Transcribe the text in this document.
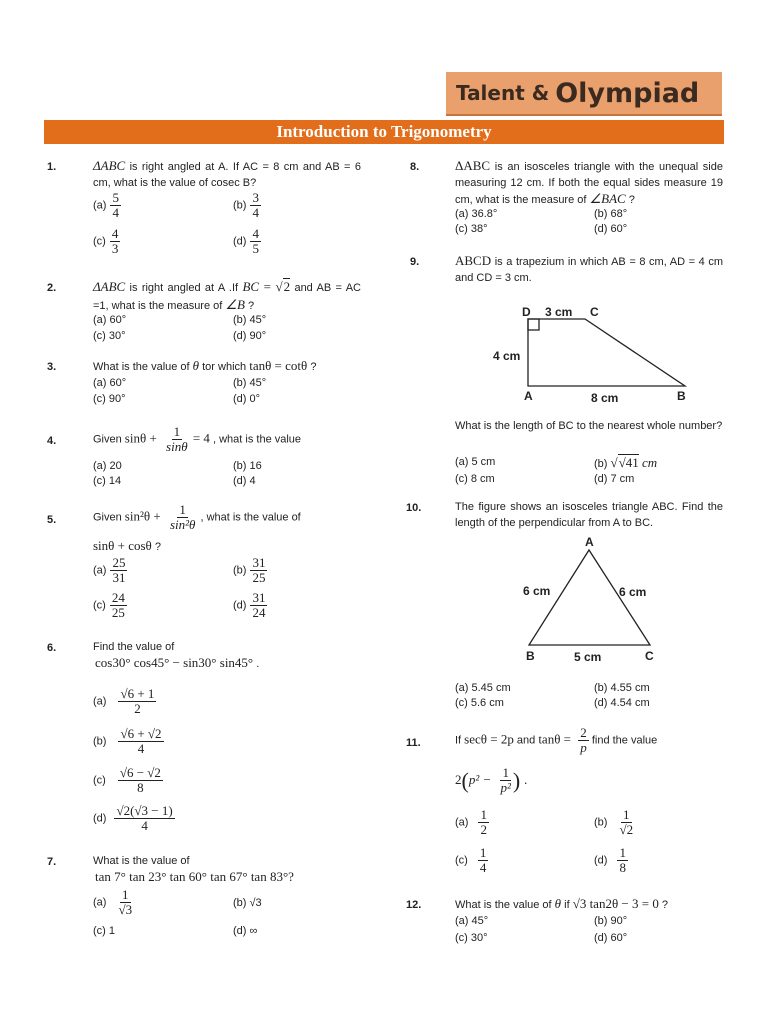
Talent & Olympiad
Introduction to Trigonometry
1.	ΔABC is right angled at A. If AC = 8 cm and AB = 6 cm, what is the value of cosec B?
$(a) \frac{5}{4}$	$(b) \frac{3}{4}$
$(c) \frac{4}{3}$	$(d) \frac{4}{5}$
2.	ΔABC is right angled at A .If BC = √2 and AB = AC =1, what is the measure of ∠B ?
(a) 60°	(b) 45°
(c) 30°	(d) 90°
3.	What is the value of θ tor which tanθ = cotθ ?
(a) 60°	(b) 45°
(c) 90°	(d) 0°
4.	Given $\sin\theta + \frac{1}{\sin\theta} = 4$ , what is the value
(a) 20	(b) 16
(c) 14	(d) 4
5.	Given $\sin^2\theta + \frac{1}{\text{sin²θ}}$ , what is the value of
sinθ + cosθ ?
$(a) \frac{25}{31}$	$(b) \frac{31}{25}$
$(c) \frac{24}{25}$	$(d) \frac{31}{24}$
6.	Find the value of
cos30° cos45° − sin30° sin45° .
$(a) \frac{√6 + 1}{2}$
$(b) \frac{√6 + √2}{4}$
$(c) \frac{√6 - √2}{8}$
$(d) \frac{√2(√3 - 1)}{4}$
7.	What is the value of
tan 7° tan 23° tan 60° tan 67° tan 83°?
$(a) \frac{1}{√3}$	(b) √3
(c) 1	(d) ∞
8.	ΔABC is an isosceles triangle with the unequal side measuring 12 cm. If both the equal sides measure 19 cm, what is the measure of ∠BAC ?
(a) 36.8°	(b) 68°
(c) 38°	(d) 60°
9.	ABCD is a trapezium in which AB = 8 cm, AD = 4 cm and CD = 3 cm.
D	C
A	B
3 cm
4 cm
8 cm
What is the length of BC to the nearest whole number?
(a) 5 cm	(b) √√41 cm
(c) 8 cm	(d) 7 cm
10.	The figure shows an isosceles triangle ABC. Find the length of the perpendicular from A to BC.
A
B	C
6 cm	6 cm
5 cm
(a) 5.45 cm	(b) 4.55 cm
(c) 5.6 cm	(d) 4.54 cm
11.	If secθ = 2p and $\tan\theta = \frac{2}{p}$ find the value
$2(p^2 - \frac{1}{\text{p²}}$ ) .
$(a) \frac{1}{2}$	$(b) \frac{1}{√2}$
$(c) \frac{1}{4}$	$(d) \frac{1}{8}$
12.	What is the value of θ if √3 tan2θ − 3 = 0 ?
(a) 45°	(b) 90°
(c) 30°	(d) 60°
